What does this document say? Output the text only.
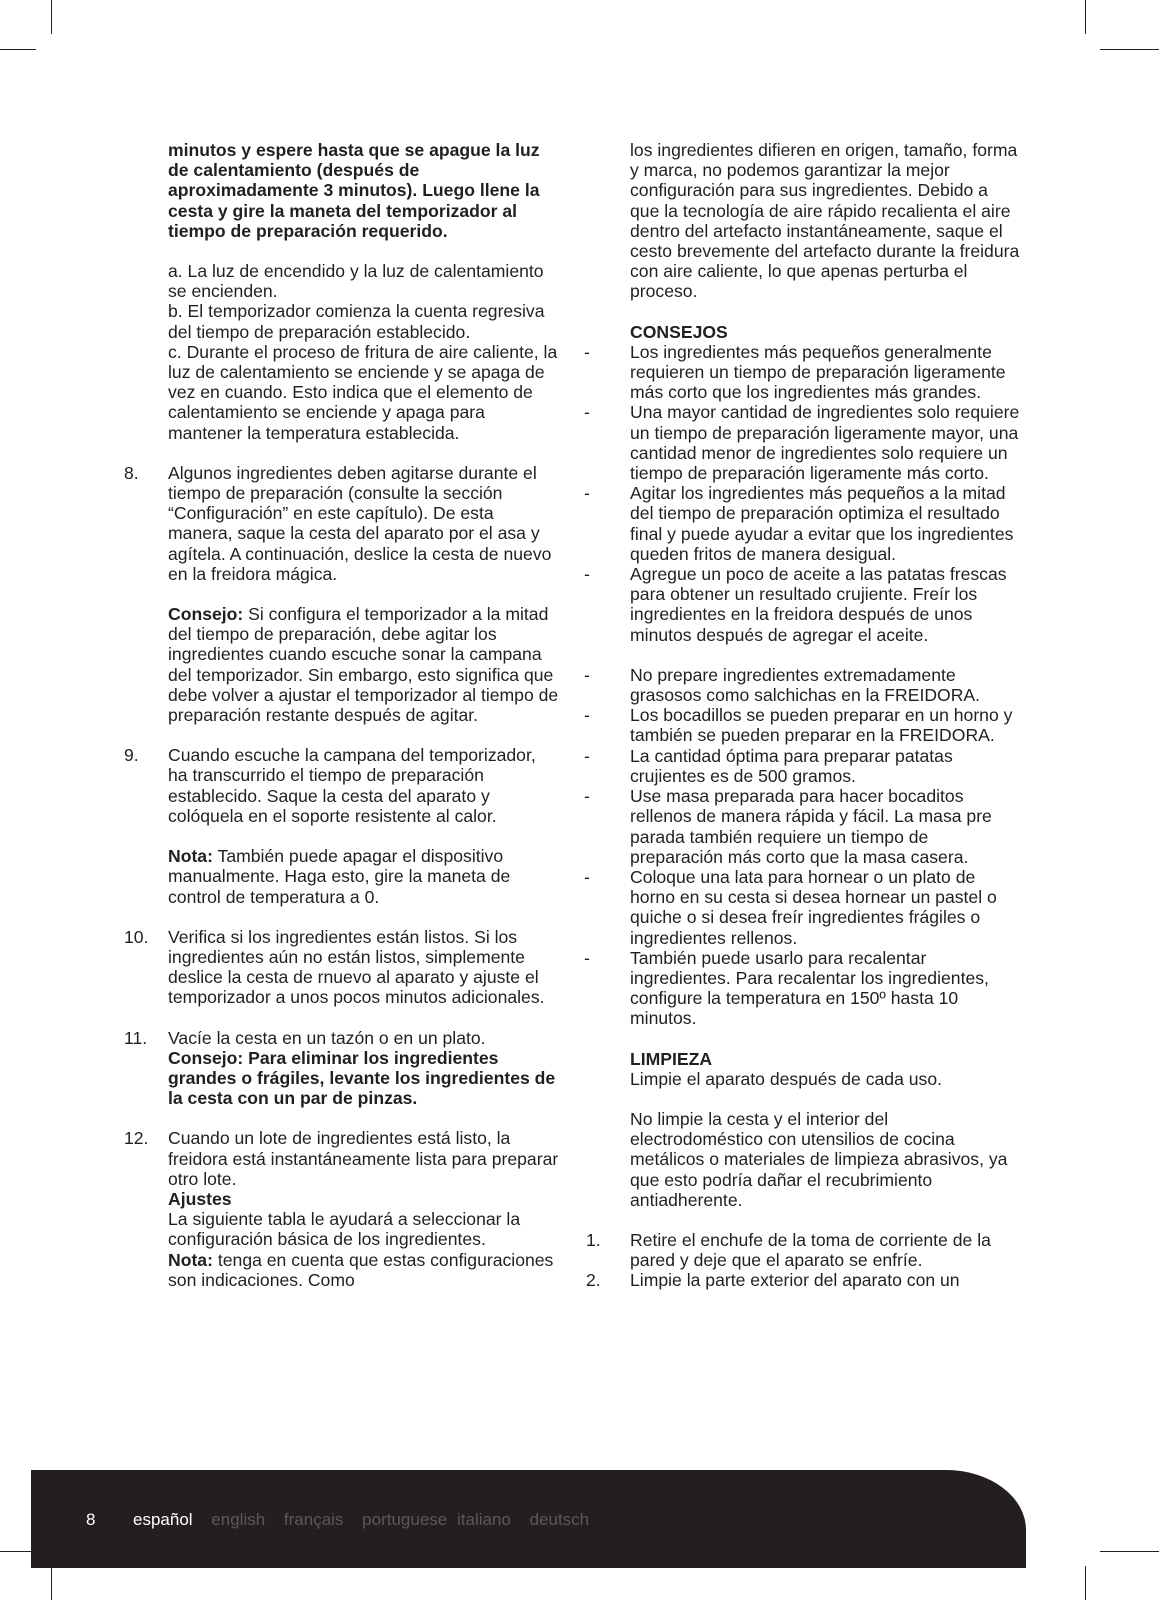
minutos y espere hasta que se apague la luz de calentamiento (después de aproximadamente 3 minutos). Luego llene la cesta y gire la maneta del temporizador al tiempo de preparación requerido.

a. La luz de encendido y la luz de calentamiento se encienden.

b. El temporizador comienza la cuenta regresiva del tiempo de preparación establecido.

c. Durante el proceso de fritura de aire caliente, la luz de calentamiento se enciende y se apaga de vez en cuando. Esto indica que el elemento de calentamiento se enciende y apaga para mantener la temperatura establecida.

8. Algunos ingredientes deben agitarse durante el tiempo de preparación (consulte la sección “Configuración” en este capítulo). De esta manera, saque la cesta del aparato por el asa y agítela. A continuación, deslice la cesta de nuevo en la freidora mágica.

Consejo: Si configura el temporizador a la mitad del tiempo de preparación, debe agitar los ingredientes cuando escuche sonar la campana del temporizador. Sin embargo, esto significa que debe volver a ajustar el temporizador al tiempo de preparación restante después de agitar.

9. Cuando escuche la campana del temporizador, ha transcurrido el tiempo de preparación establecido. Saque la cesta del aparato y colóquela en el soporte resistente al calor.

Nota: También puede apagar el dispositivo manualmente. Haga esto, gire la maneta de control de temperatura a 0.

10. Verifica si los ingredientes están listos. Si los ingredientes aún no están listos, simplemente deslice la cesta de rnuevo al aparato y ajuste el temporizador a unos pocos minutos adicionales.

11. Vacíe la cesta en un tazón o en un plato.

Consejo: Para eliminar los ingredientes grandes o frágiles, levante los ingredientes de la cesta con un par de pinzas.

12. Cuando un lote de ingredientes está listo, la freidora está instantáneamente lista para preparar otro lote.

Ajustes

La siguiente tabla le ayudará a seleccionar la configuración básica de los ingredientes.

Nota: tenga en cuenta que estas configuraciones son indicaciones. Como

los ingredientes difieren en origen, tamaño, forma y marca, no podemos garantizar la mejor configuración para sus ingredientes. Debido a que la tecnología de aire rápido recalienta el aire dentro del artefacto instantáneamente, saque el cesto brevemente del artefacto durante la freidura con aire caliente, lo que apenas perturba el proceso.

CONSEJOS

- Los ingredientes más pequeños generalmente requieren un tiempo de preparación ligeramente más corto que los ingredientes más grandes.

- Una mayor cantidad de ingredientes solo requiere un tiempo de preparación ligeramente mayor, una cantidad menor de ingredientes solo requiere un tiempo de preparación ligeramente más corto.

- Agitar los ingredientes más pequeños a la mitad del tiempo de preparación optimiza el resultado final y puede ayudar a evitar que los ingredientes queden fritos de manera desigual.

- Agregue un poco de aceite a las patatas frescas para obtener un resultado crujiente. Freír los ingredientes en la freidora después de unos minutos después de agregar el aceite.

- No prepare ingredientes extremadamente grasosos como salchichas en la FREIDORA.

- Los bocadillos se pueden preparar en un horno y también se pueden preparar en la FREIDORA.

- La cantidad óptima para preparar patatas crujientes es de 500 gramos.

- Use masa preparada para hacer bocaditos rellenos de manera rápida y fácil. La masa pre parada también requiere un tiempo de preparación más corto que la masa casera.

- Coloque una lata para hornear o un plato de horno en su cesta si desea hornear un pastel o quiche o si desea freír ingredientes frágiles o ingredientes rellenos.

- También puede usarlo para recalentar ingredientes. Para recalentar los ingredientes, configure la temperatura en 150º hasta 10 minutos.

LIMPIEZA

Limpie el aparato después de cada uso.

No limpie la cesta y el interior del electrodoméstico con utensilios de cocina metálicos o materiales de limpieza abrasivos, ya que esto podría dañar el recubrimiento antiadherente.

1. Retire el enchufe de la toma de corriente de la pared y deje que el aparato se enfríe.

2. Limpie la parte exterior del aparato con un

8 español english français portuguese italiano deutsch
